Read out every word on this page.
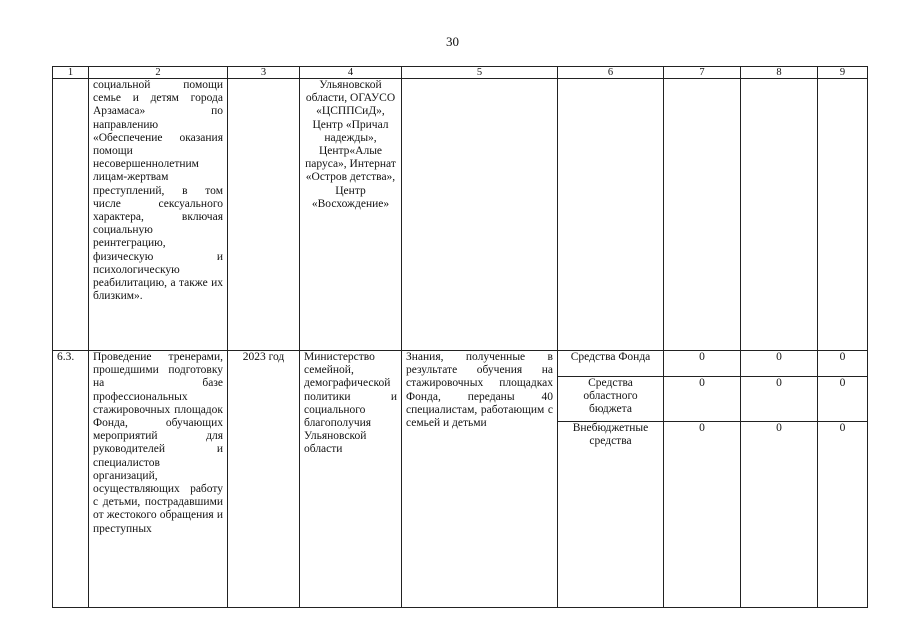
30
1	2	3	4	5	6	7	8	9
	социальной помощи семье и детям города Арзамаса» по направлению «Обеспечение оказания помощи несовершеннолетним лицам-жертвам преступлений, в том числе сексуального характера, включая социальную реинтеграцию, физическую и психологическую реабилитацию, а также их близким».		Ульяновской области, ОГАУСО «ЦСППСиД», Центр «Причал надежды», Центр«Алые паруса», Интернат «Остров детства», Центр «Восхождение»					
6.3.	Проведение тренерами, прошедшими подготовку на базе профессиональных стажировочных площадок Фонда, обучающих мероприятий для руководителей и специалистов организаций, осуществляющих работу с детьми, пострадавшими от жестокого обращения и преступных	2023 год	Министерство семейной, демографической политики и социального благополучия Ульяновской области	Знания, полученные в результате обучения на стажировочных площадках Фонда, переданы 40 специалистам, работающим с семьей и детьми	Средства Фонда	0	0	0
					Средства областного бюджета	0	0	0
					Внебюджетные средства	0	0	0
